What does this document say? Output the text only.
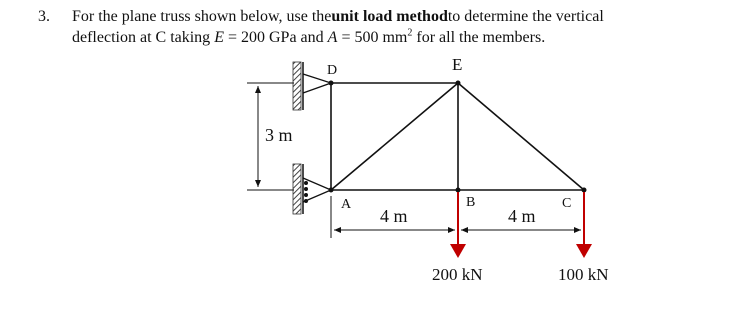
3.	For the plane truss shown below, use the unit load method to determine the vertical
deflection at C taking E = 200 GPa and A = 500 $mm^2$ for all the members.
D	E
A	B	C
3 m
4 m	4 m
200 kN	100 kN
